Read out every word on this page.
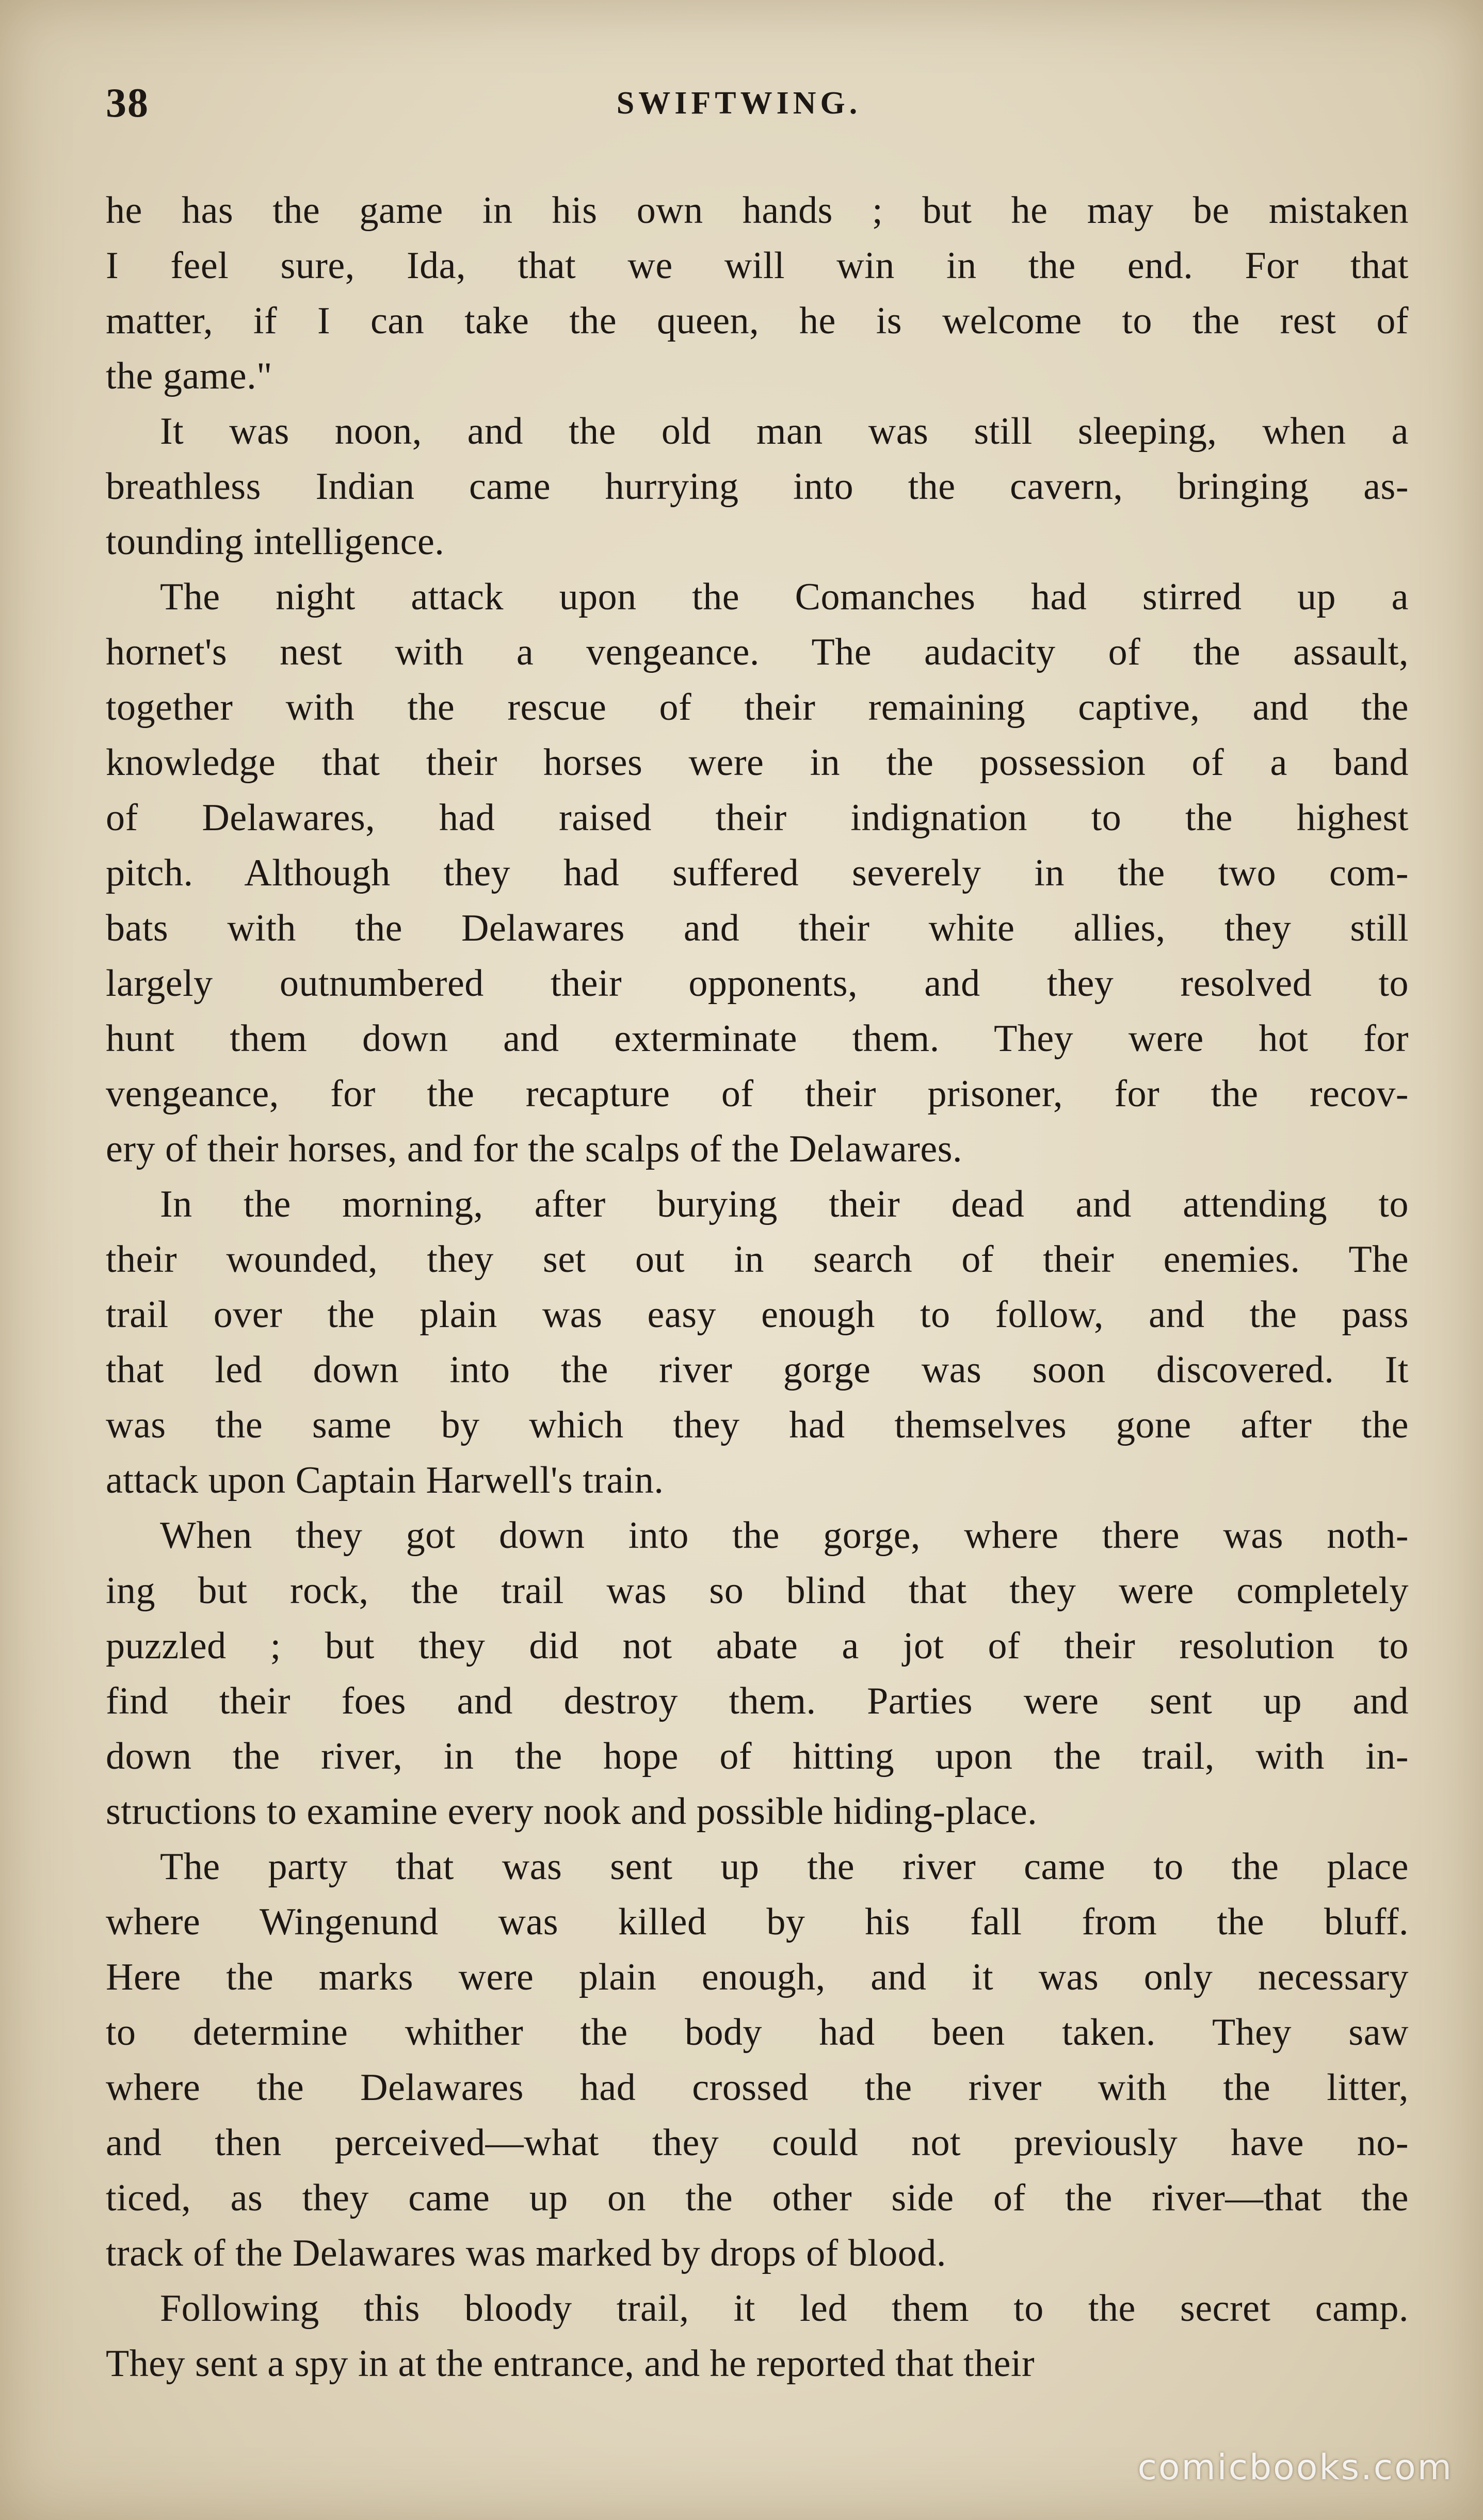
38	SWIFTWING.
he has the game in his own hands ; but he may be mistaken
I feel sure, Ida, that we will win in the end. For that
matter, if I can take the queen, he is welcome to the rest of
the game."
It was noon, and the old man was still sleeping, when a
breathless Indian came hurrying into the cavern, bringing as-
tounding intelligence.
The night attack upon the Comanches had stirred up a
hornet's nest with a vengeance. The audacity of the assault,
together with the rescue of their remaining captive, and the
knowledge that their horses were in the possession of a band
of Delawares, had raised their indignation to the highest
pitch. Although they had suffered severely in the two com-
bats with the Delawares and their white allies, they still
largely outnumbered their opponents, and they resolved to
hunt them down and exterminate them. They were hot for
vengeance, for the recapture of their prisoner, for the recov-
ery of their horses, and for the scalps of the Delawares.
In the morning, after burying their dead and attending to
their wounded, they set out in search of their enemies. The
trail over the plain was easy enough to follow, and the pass
that led down into the river gorge was soon discovered. It
was the same by which they had themselves gone after the
attack upon Captain Harwell's train.
When they got down into the gorge, where there was noth-
ing but rock, the trail was so blind that they were completely
puzzled ; but they did not abate a jot of their resolution to
find their foes and destroy them. Parties were sent up and
down the river, in the hope of hitting upon the trail, with in-
structions to examine every nook and possible hiding-place.
The party that was sent up the river came to the place
where Wingenund was killed by his fall from the bluff.
Here the marks were plain enough, and it was only necessary
to determine whither the body had been taken. They saw
where the Delawares had crossed the river with the litter,
and then perceived—what they could not previously have no-
ticed, as they came up on the other side of the river—that the
track of the Delawares was marked by drops of blood.
Following this bloody trail, it led them to the secret camp.
They sent a spy in at the entrance, and he reported that their
comicbooks.com
